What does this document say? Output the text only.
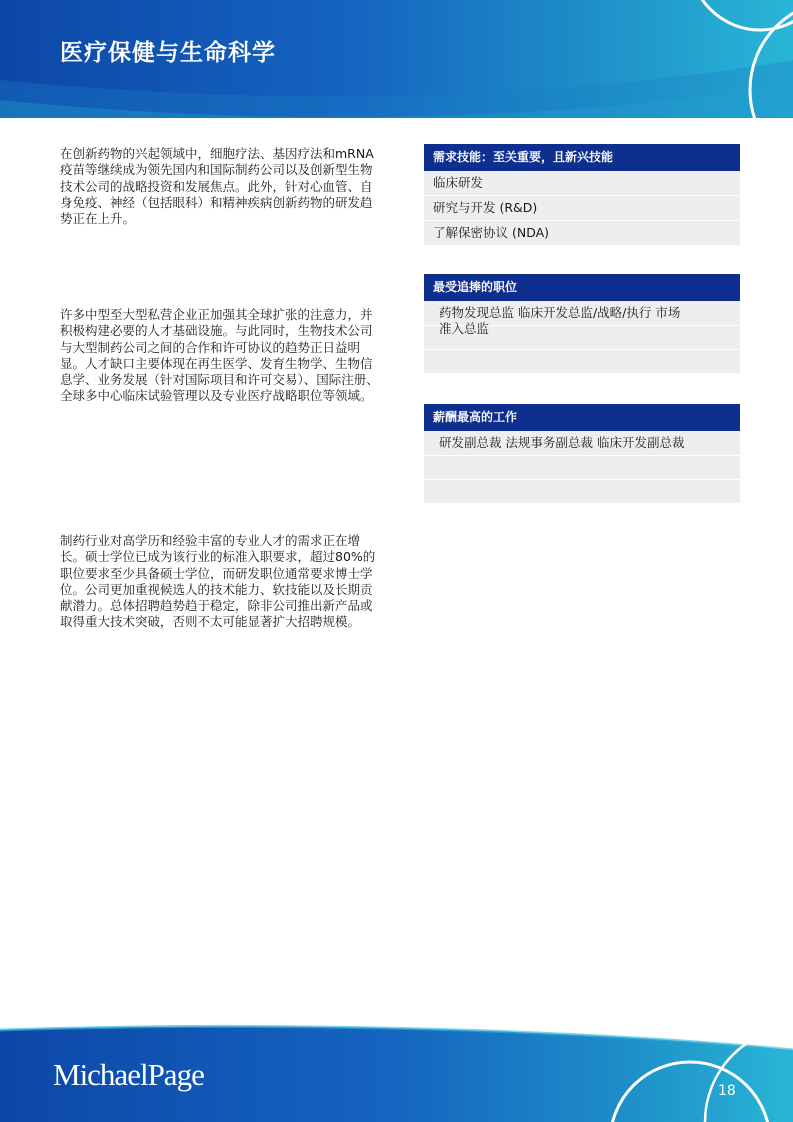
医疗保健与生命科学
在创新药物的兴起领域中，细胞疗法、基因疗法和mRNA疫苗等继续成为领先国内和国际制药公司以及创新型生物技术公司的战略投资和发展焦点。此外，针对心血管、自身免疫、神经（包括眼科）和精神疾病创新药物的研发趋势正在上升。
许多中型至大型私营企业正加强其全球扩张的注意力，并积极构建必要的人才基础设施。与此同时，生物技术公司与大型制药公司之间的合作和许可协议的趋势正日益明显。人才缺口主要体现在再生医学、发育生物学、生物信息学、业务发展（针对国际项目和许可交易）、国际注册、全球多中心临床试验管理以及专业医疗战略职位等领域。
制药行业对高学历和经验丰富的专业人才的需求正在增长。硕士学位已成为该行业的标准入职要求，超过80%的职位要求至少具备硕士学位，而研发职位通常要求博士学位。公司更加重视候选人的技术能力、软技能以及长期贡献潜力。总体招聘趋势趋于稳定，除非公司推出新产品或取得重大技术突破，否则不太可能显著扩大招聘规模。
需求技能：至关重要，且新兴技能
临床研发
研究与开发 (R&D)
了解保密协议 (NDA)
最受追捧的职位
药物发现总监 临床开发总监/战略/执行 市场准入总监
薪酬最高的工作
研发副总裁 法规事务副总裁 临床开发副总裁
MichaelPage	18
